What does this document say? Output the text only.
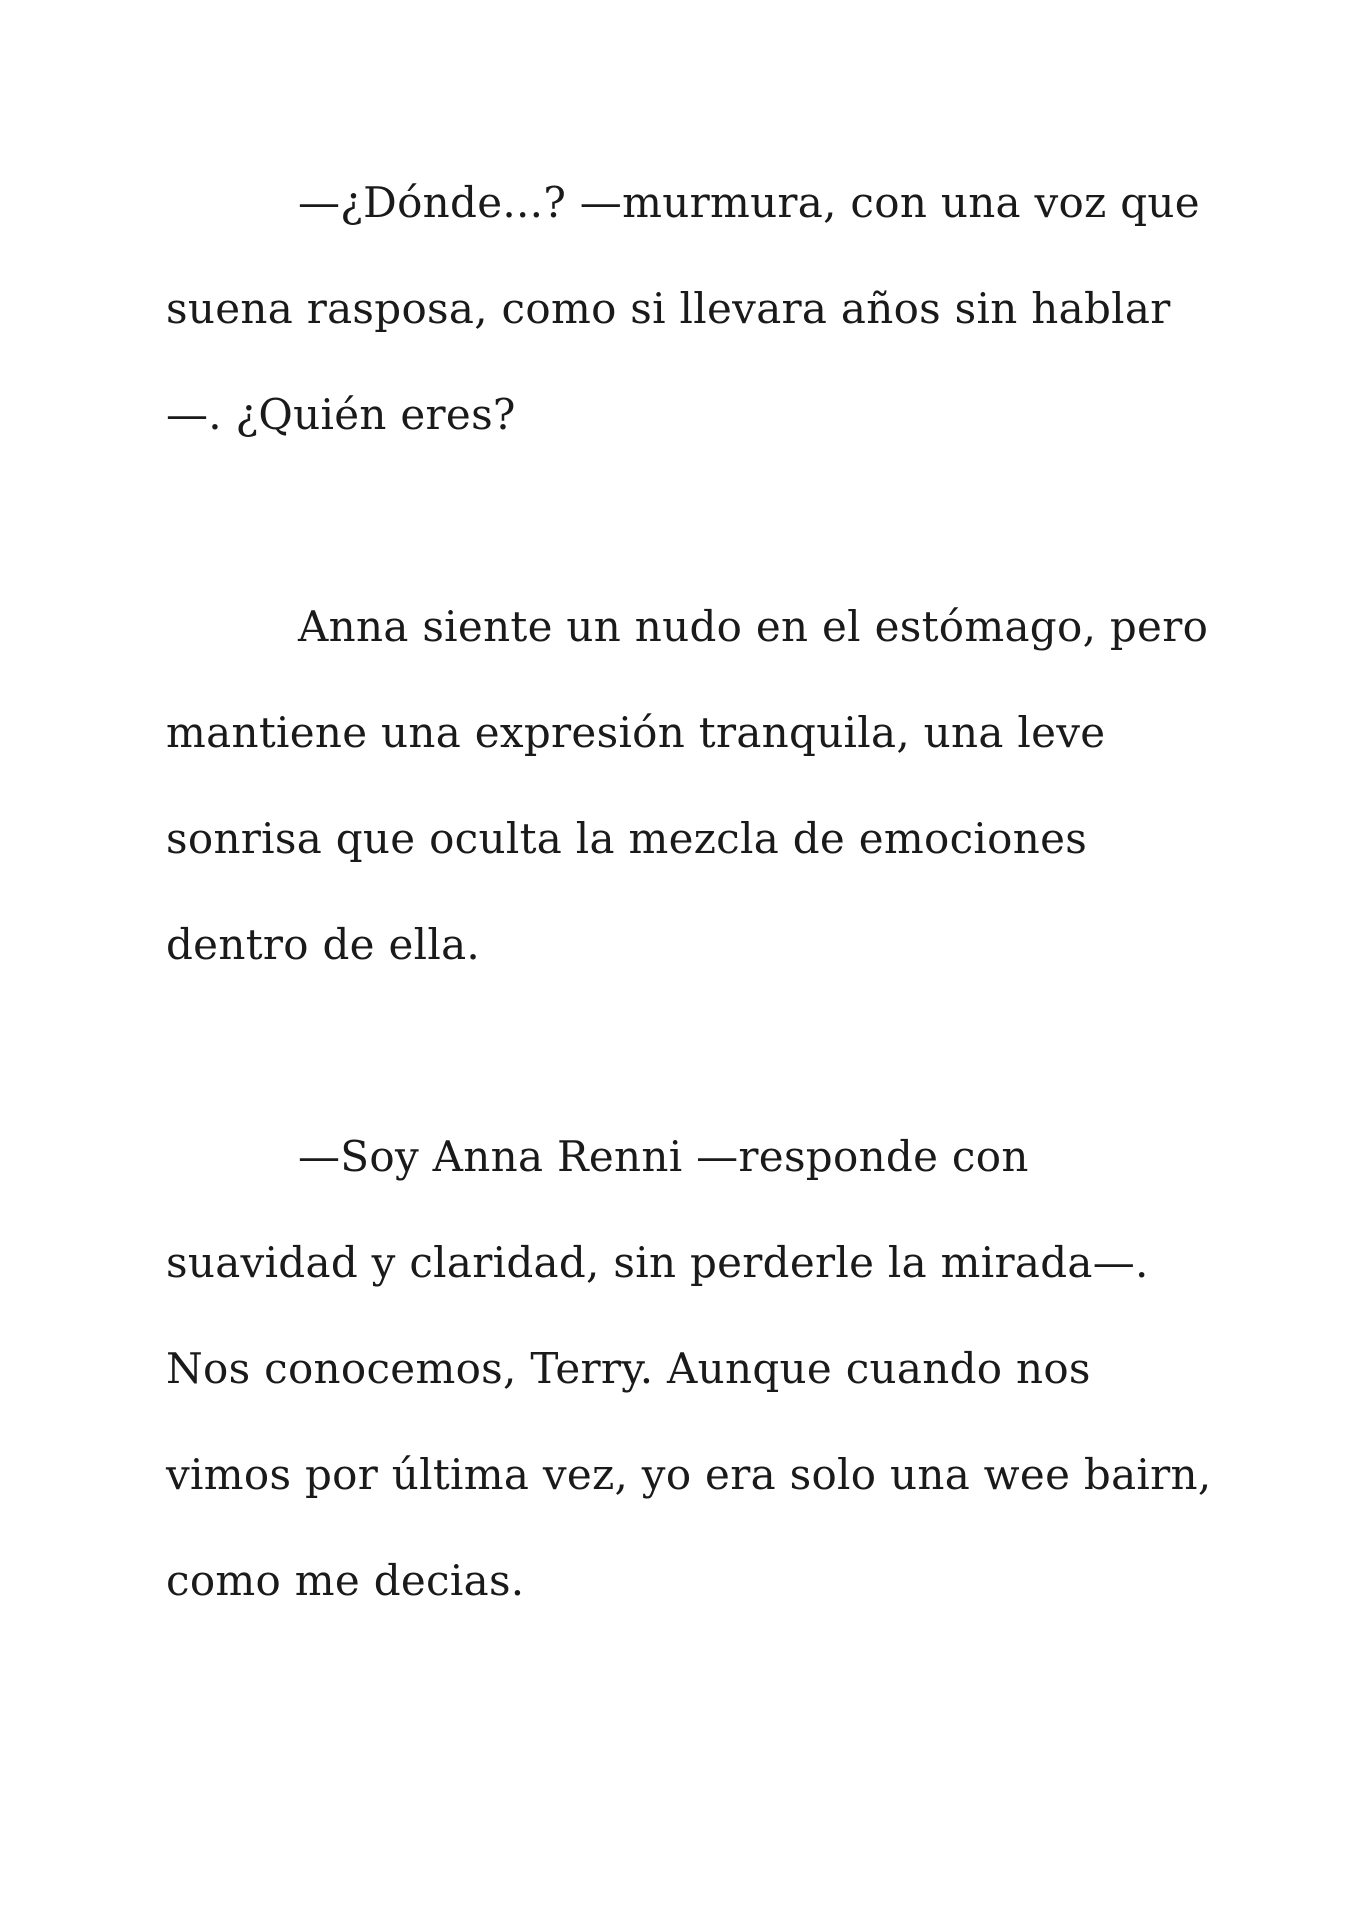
—¿Dónde...? —murmura, con una voz que suena rasposa, como si llevara años sin hablar—. ¿Quién eres?

Anna siente un nudo en el estómago, pero mantiene una expresión tranquila, una leve sonrisa que oculta la mezcla de emociones dentro de ella.

—Soy Anna Renni —responde con suavidad y claridad, sin perderle la mirada—. Nos conocemos, Terry. Aunque cuando nos vimos por última vez, yo era solo una wee bairn, como me decias.
